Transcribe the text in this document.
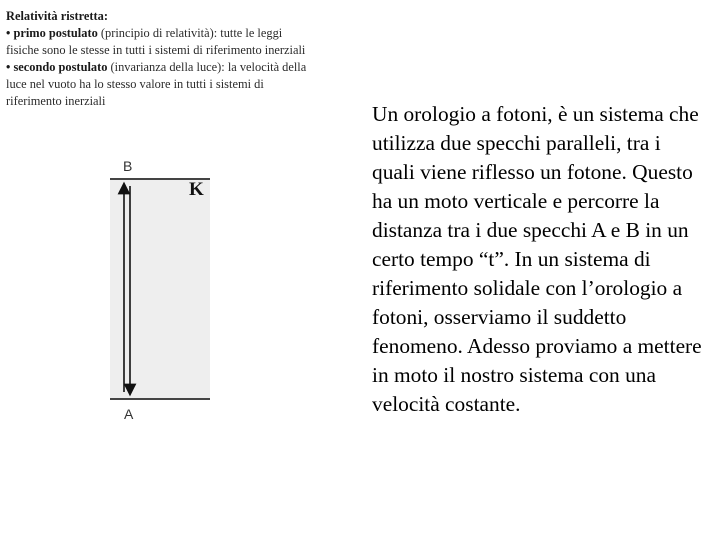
Relatività ristretta:

• primo postulato (principio di relatività): tutte le leggi fisiche sono le stesse in tutti i sistemi di riferimento inerziali

• secondo postulato (invarianza della luce): la velocità della luce nel vuoto ha lo stesso valore in tutti i sistemi di riferimento inerziali

B
K
A
Un orologio a fotoni, è un sistema che utilizza due specchi paralleli, tra i quali viene riflesso un fotone. Questo ha un moto verticale e percorre la distanza tra i due specchi A e B in un certo tempo “t”. In un sistema di riferimento solidale con l’orologio a fotoni, osserviamo il suddetto fenomeno. Adesso proviamo a mettere in moto il nostro sistema con una velocità costante.
